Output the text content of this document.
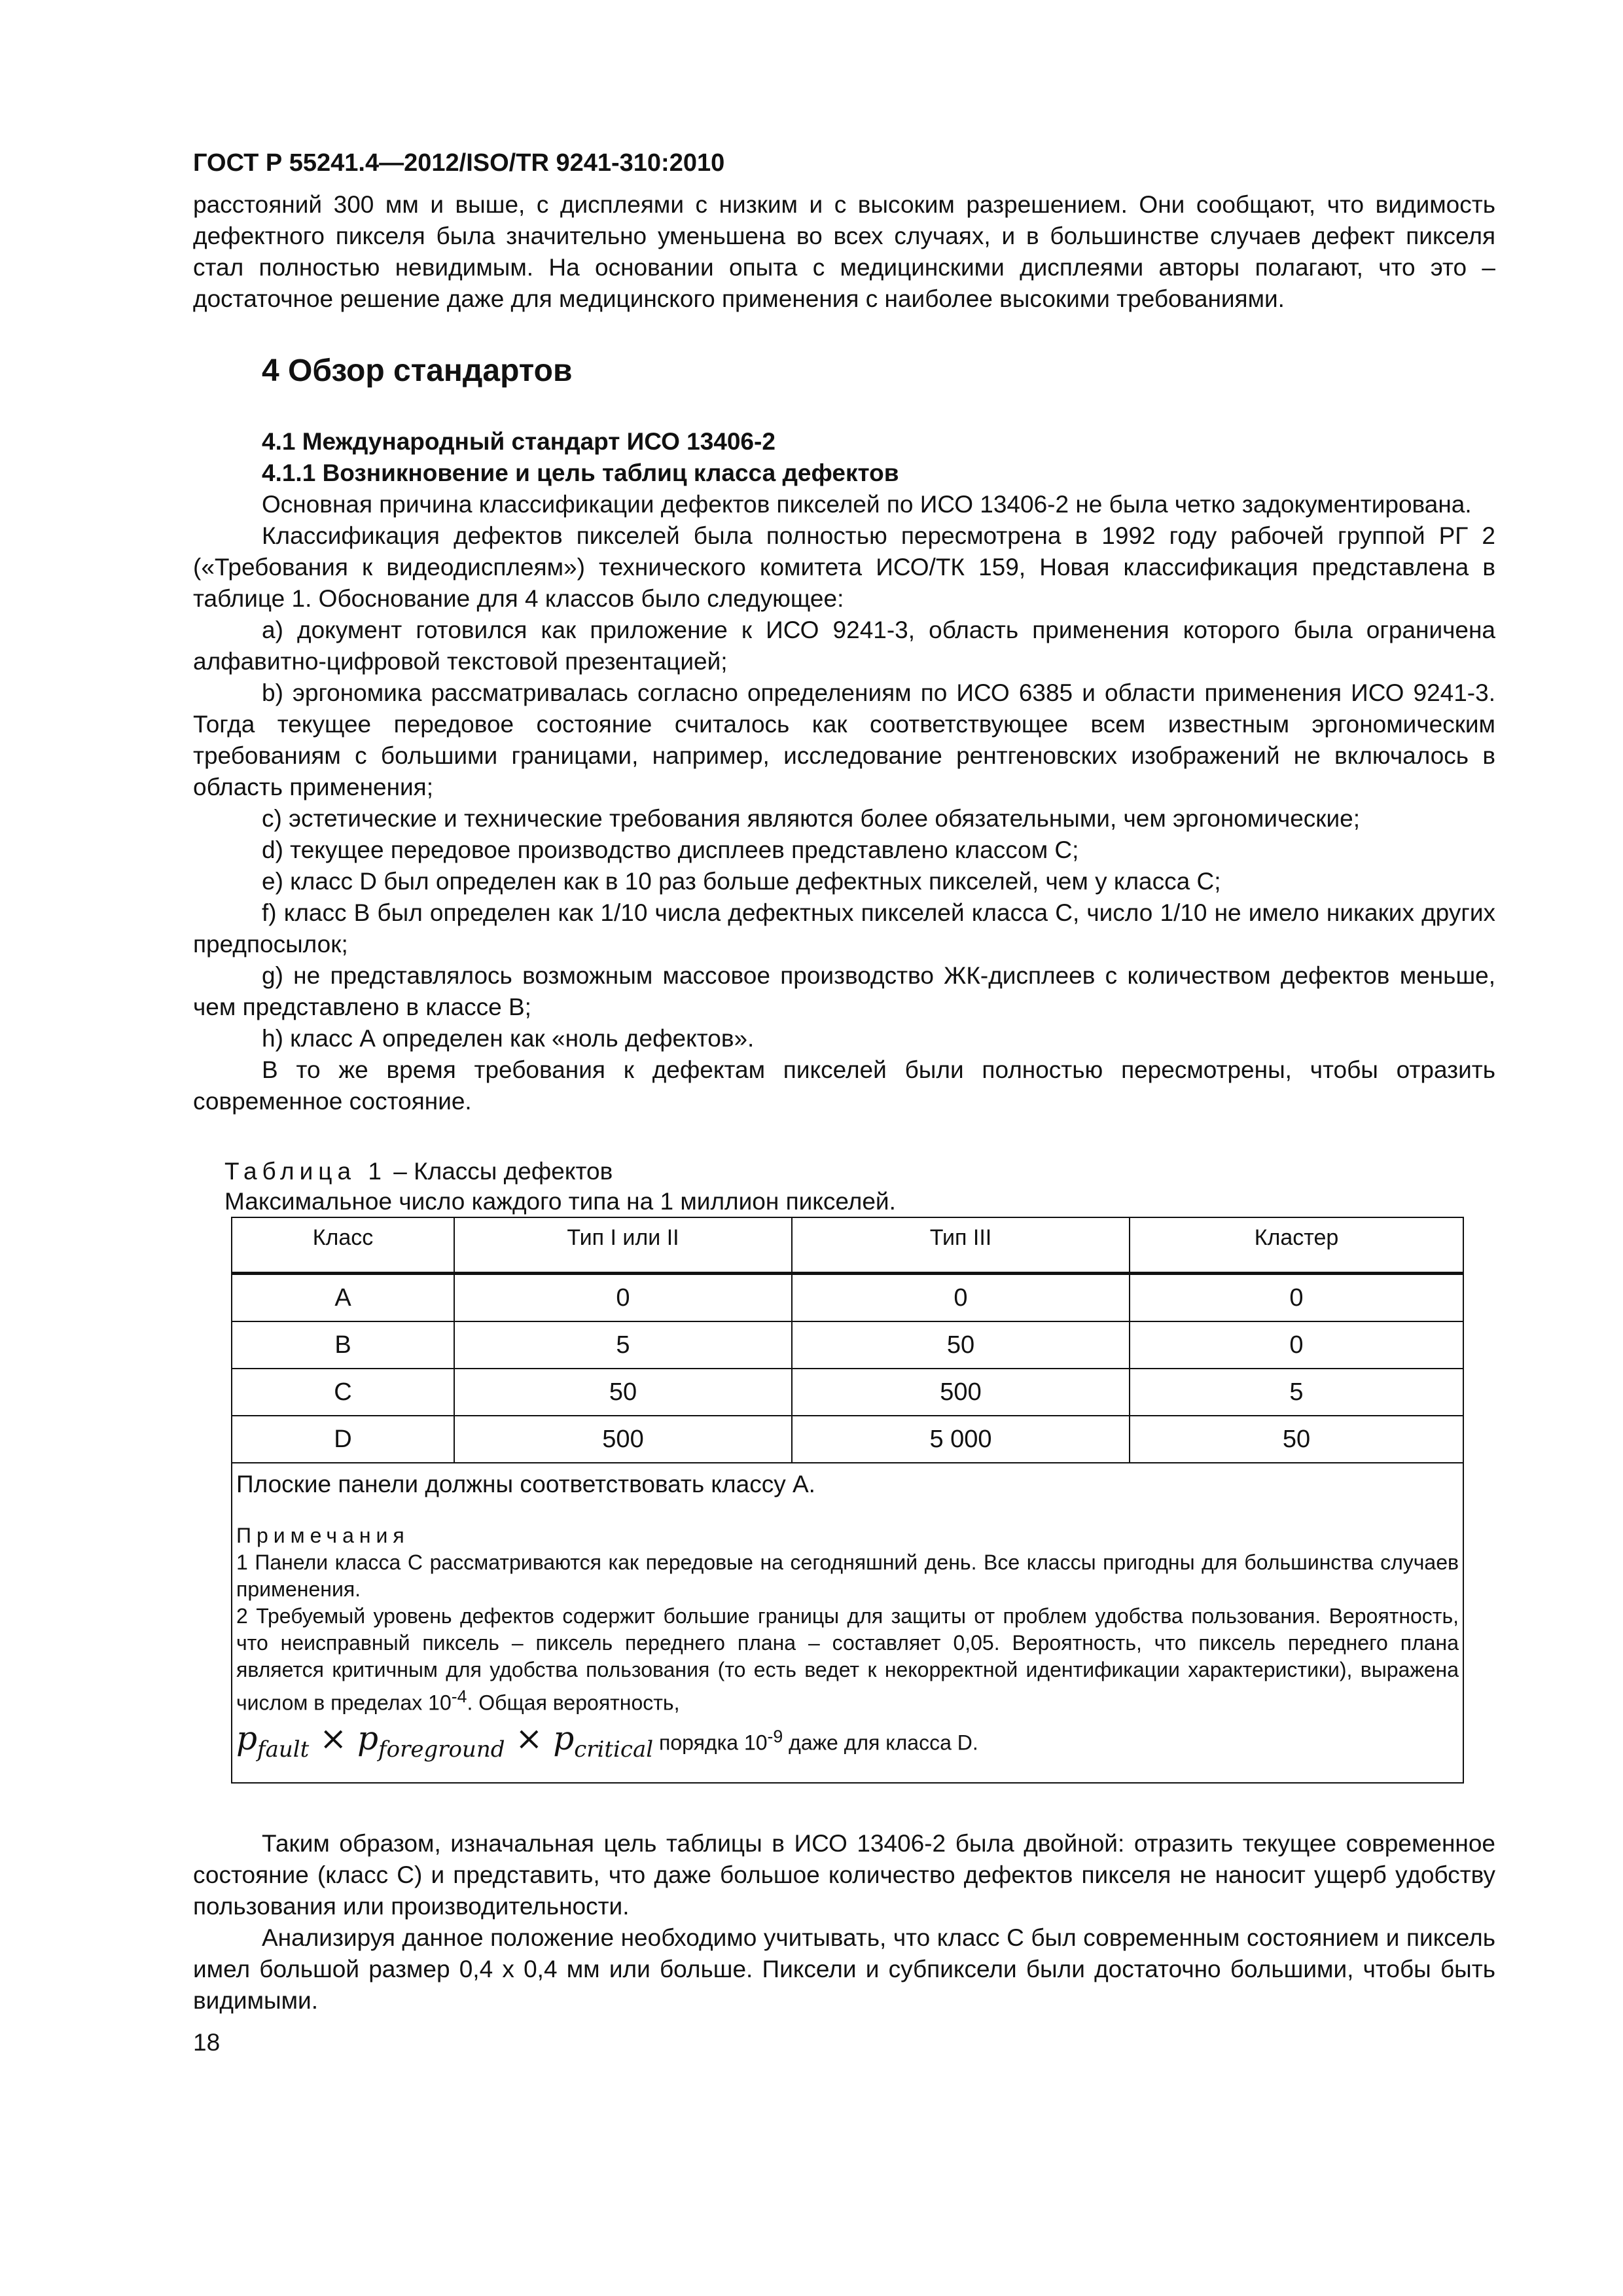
ГОСТ Р 55241.4—2012/ISO/TR 9241-310:2010

расстояний 300 мм и выше, с дисплеями с низким и с высоким разрешением. Они сообщают, что видимость дефектного пикселя была значительно уменьшена во всех случаях, и в большинстве случаев дефект пикселя стал полностью невидимым. На основании опыта с медицинскими дисплеями авторы полагают, что это – достаточное решение даже для медицинского применения с наиболее высокими требованиями.

4 Обзор стандартов
4.1 Международный стандарт ИСО 13406-2
4.1.1 Возникновение и цель таблиц класса дефектов

Основная причина классификации дефектов пикселей по ИСО 13406-2 не была четко задокументирована.

Классификация дефектов пикселей была полностью пересмотрена в 1992 году рабочей группой РГ 2 («Требования к видеодисплеям») технического комитета ИСО/ТК 159, Новая классификация представлена в таблице 1. Обоснование для 4 классов было следующее:

a) документ готовился как приложение к ИСО 9241-3, область применения которого была ограничена алфавитно-цифровой текстовой презентацией;
b) эргономика рассматривалась согласно определениям по ИСО 6385 и области применения ИСО 9241-3. Тогда текущее передовое состояние считалось как соответствующее всем известным эргономическим требованиям с большими границами, например, исследование рентгеновских изображений не включалось в область применения;
c) эстетические и технические требования являются более обязательными, чем эргономические;
d) текущее передовое производство дисплеев представлено классом С;
e) класс D был определен как в 10 раз больше дефектных пикселей, чем у класса С;
f) класс В был определен как 1/10 числа дефектных пикселей класса С, число 1/10 не имело никаких других предпосылок;
g) не представлялось возможным массовое производство ЖК-дисплеев с количеством дефектов меньше, чем представлено в классе В;
h) класс А определен как «ноль дефектов».

В то же время требования к дефектам пикселей были полностью пересмотрены, чтобы отразить современное состояние.

Таблица 1 – Классы дефектов
Максимальное число каждого типа на 1 миллион пикселей.
Класс	Тип I или II	Тип III	Кластер
A	0	0	0
B	5	50	0
C	50	500	5
D	500	5 000	50

Плоские панели должны соответствовать классу А.
Примечания
1 Панели класса С рассматриваются как передовые на сегодняшний день. Все классы пригодны для большинства случаев применения.
2 Требуемый уровень дефектов содержит большие границы для защиты от проблем удобства пользования. Вероятность, что неисправный пиксель – пиксель переднего плана – составляет 0,05. Вероятность, что пиксель переднего плана является критичным для удобства пользования (то есть ведет к некорректной идентификации характеристики), выражена числом в пределах $10^{-4}$. Общая вероятность,
$p_{fault} \times p_{foreground} \times p_{critical}$ порядка $10^{-9}$ даже для класса D.			

Таким образом, изначальная цель таблицы в ИСО 13406-2 была двойной: отразить текущее современное состояние (класс С) и представить, что даже большое количество дефектов пикселя не наносит ущерб удобству пользования или производительности.

Анализируя данное положение необходимо учитывать, что класс С был современным состоянием и пиксель имел большой размер 0,4 х 0,4 мм или больше. Пиксели и субпиксели были достаточно большими, чтобы быть видимыми.

18
